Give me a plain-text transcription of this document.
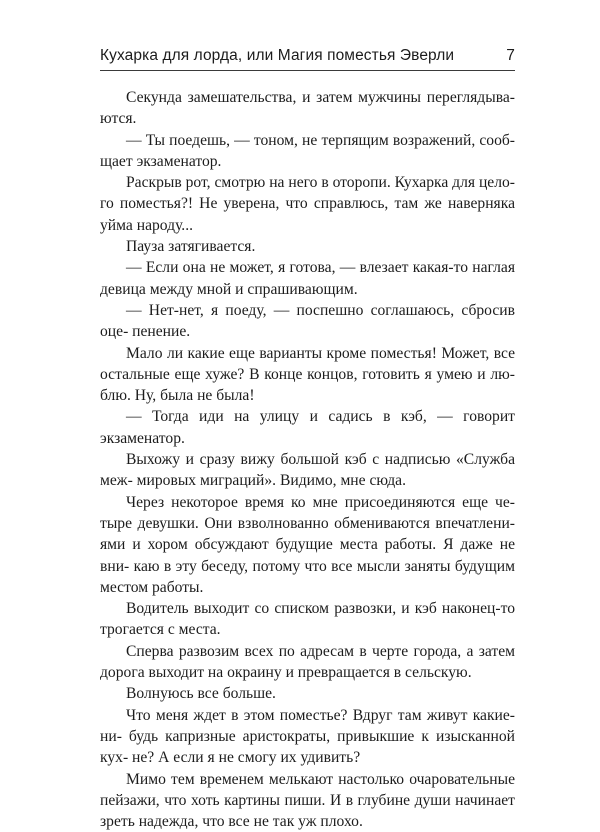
Кухарка для лорда, или Магия поместья Эверли	7

Секунда замешательства, и затем мужчины переглядыва- ются.

— Ты поедешь, — тоном, не терпящим возражений, сооб- щает экзаменатор.

Раскрыв рот, смотрю на него в оторопи. Кухарка для цело- го поместья?! Не уверена, что справлюсь, там же наверняка уйма народу...

Пауза затягивается.

— Если она не может, я готова, — влезает какая-то наглая девица между мной и спрашивающим.

— Нет-нет, я поеду, — поспешно соглашаюсь, сбросив оце- пенение.

Мало ли какие еще варианты кроме поместья! Может, все остальные еще хуже? В конце концов, готовить я умею и лю- блю. Ну, была не была!

— Тогда иди на улицу и садись в кэб, — говорит экзаменатор.

Выхожу и сразу вижу большой кэб с надписью «Служба меж- мировых миграций». Видимо, мне сюда.

Через некоторое время ко мне присоединяются еще че- тыре девушки. Они взволнованно обмениваются впечатлени- ями и хором обсуждают будущие места работы. Я даже не вни- каю в эту беседу, потому что все мысли заняты будущим местом работы.

Водитель выходит со списком развозки, и кэб наконец-то трогается с места.

Сперва развозим всех по адресам в черте города, а затем дорога выходит на окраину и превращается в сельскую.

Волнуюсь все больше.

Что меня ждет в этом поместье? Вдруг там живут какие-ни- будь капризные аристократы, привыкшие к изысканной кух- не? А если я не смогу их удивить?

Мимо тем временем мелькают настолько очаровательные пейзажи, что хоть картины пиши. И в глубине души начинает зреть надежда, что все не так уж плохо.
